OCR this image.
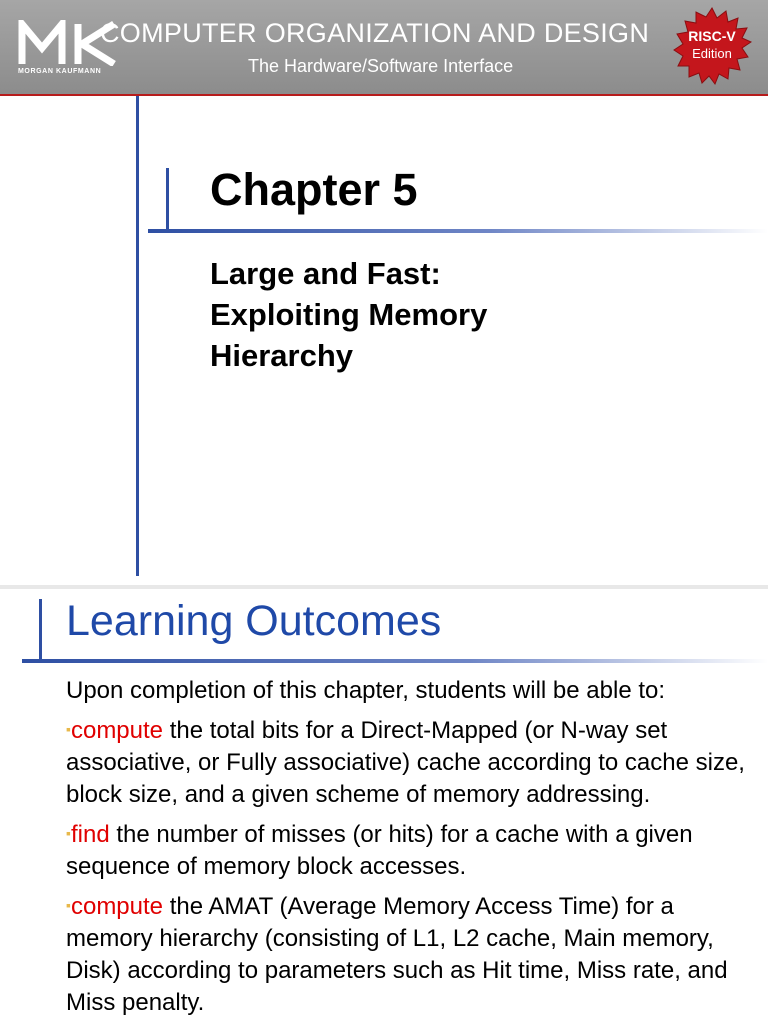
MORGAN KAUFMANN
COMPUTER ORGANIZATION AND DESIGN
The Hardware/Software Interface
RISC-V
Edition
Chapter 5
Large and Fast:
Exploiting Memory
Hierarchy
Learning Outcomes
Upon completion of this chapter, students will be able to:
▪compute the total bits for a Direct-Mapped (or N-way set associative, or Fully associative) cache according to cache size, block size, and a given scheme of memory addressing.
▪find the number of misses (or hits) for a cache with a given sequence of memory block accesses.
▪compute the AMAT (Average Memory Access Time) for a memory hierarchy (consisting of L1, L2 cache, Main memory, Disk) according to parameters such as Hit time, Miss rate, and Miss penalty.
